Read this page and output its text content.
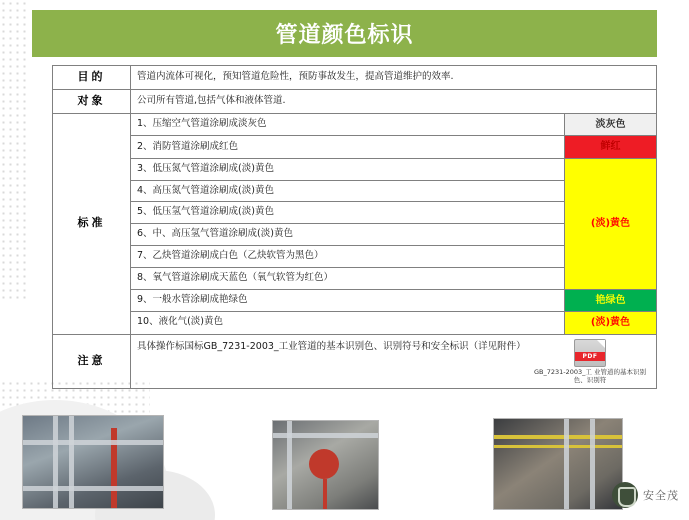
管道颜色标识
目的	管道内流体可视化，预知管道危险性，预防事故发生，提高管道维护的效率.	
对象	公司所有管道,包括气体和液体管道.	
标准	1、压缩空气管道涂刷成淡灰色	淡灰色
	2、消防管道涂刷成红色	鲜红
	3、低压氮气管道涂刷成(淡)黄色	(淡)黄色
	4、高压氮气管道涂刷成(淡)黄色	
	5、低压氢气管道涂刷成(淡)黄色	
	6、中、高压氢气管道涂刷成(淡)黄色	
	7、乙炔管道涂刷成白色（乙炔软管为黑色）	
	8、氧气管道涂刷成天蓝色（氧气软管为红色）	
	9、一般水管涂刷成艳绿色	艳绿色
	10、液化气(淡)黄色	(淡)黄色
注意	具体操作标国标GB_7231-2003_工业管道的基本识别色、识别符号和安全标识（详见附件）
PDF
GB_7231-2003_工 业管道的基本识别色、识别符	
安全茂
